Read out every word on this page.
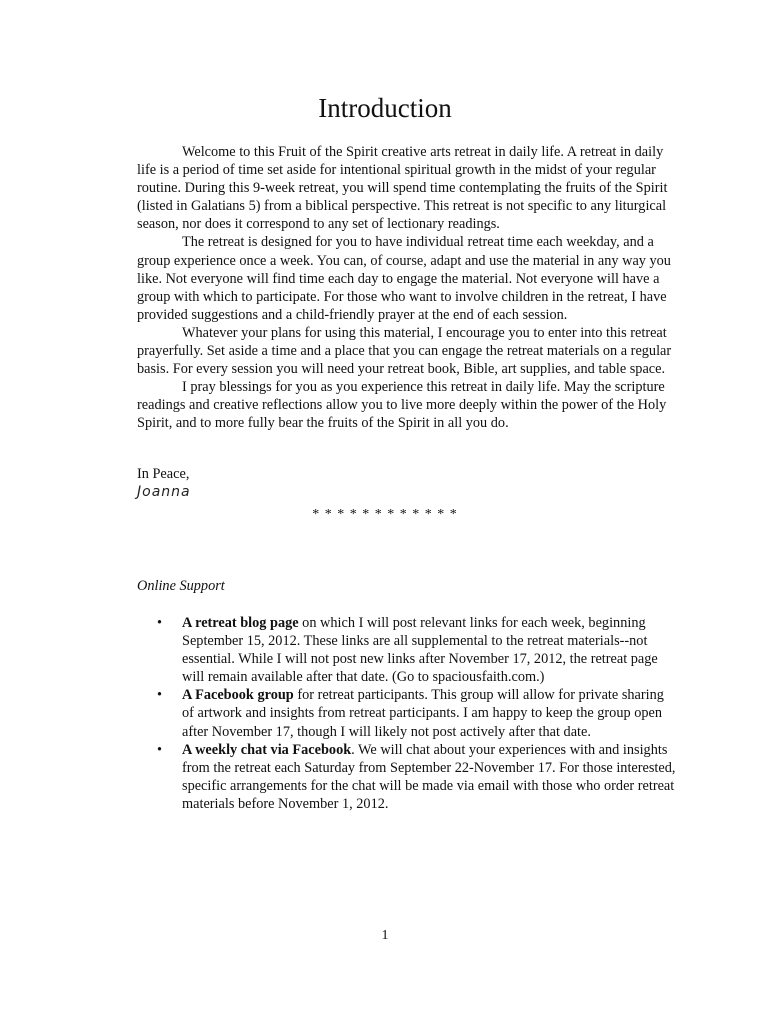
Introduction

Welcome to this Fruit of the Spirit creative arts retreat in daily life. A retreat in daily life is a period of time set aside for intentional spiritual growth in the midst of your regular routine. During this 9-week retreat, you will spend time contemplating the fruits of the Spirit (listed in Galatians 5) from a biblical perspective. This retreat is not specific to any liturgical season, nor does it correspond to any set of lectionary readings.

The retreat is designed for you to have individual retreat time each weekday, and a group experience once a week. You can, of course, adapt and use the material in any way you like. Not everyone will find time each day to engage the material. Not everyone will have a group with which to participate. For those who want to involve children in the retreat, I have provided suggestions and a child-friendly prayer at the end of each session.

Whatever your plans for using this material, I encourage you to enter into this retreat prayerfully. Set aside a time and a place that you can engage the retreat materials on a regular basis. For every session you will need your retreat book, Bible, art supplies, and table space.

I pray blessings for you as you experience this retreat in daily life. May the scripture readings and creative reflections allow you to live more deeply within the power of the Holy Spirit, and to more fully bear the fruits of the Spirit in all you do.

In Peace,
Joanna
* * * * * * * * * * * *
Online Support
• A retreat blog page on which I will post relevant links for each week, beginning September 15, 2012. These links are all supplemental to the retreat materials--not essential. While I will not post new links after November 17, 2012, the retreat page will remain available after that date. (Go to spaciousfaith.com.)
• A Facebook group for retreat participants. This group will allow for private sharing of artwork and insights from retreat participants. I am happy to keep the group open after November 17, though I will likely not post actively after that date.
• A weekly chat via Facebook. We will chat about your experiences with and insights from the retreat each Saturday from September 22-November 17. For those interested, specific arrangements for the chat will be made via email with those who order retreat materials before November 1, 2012.
1
